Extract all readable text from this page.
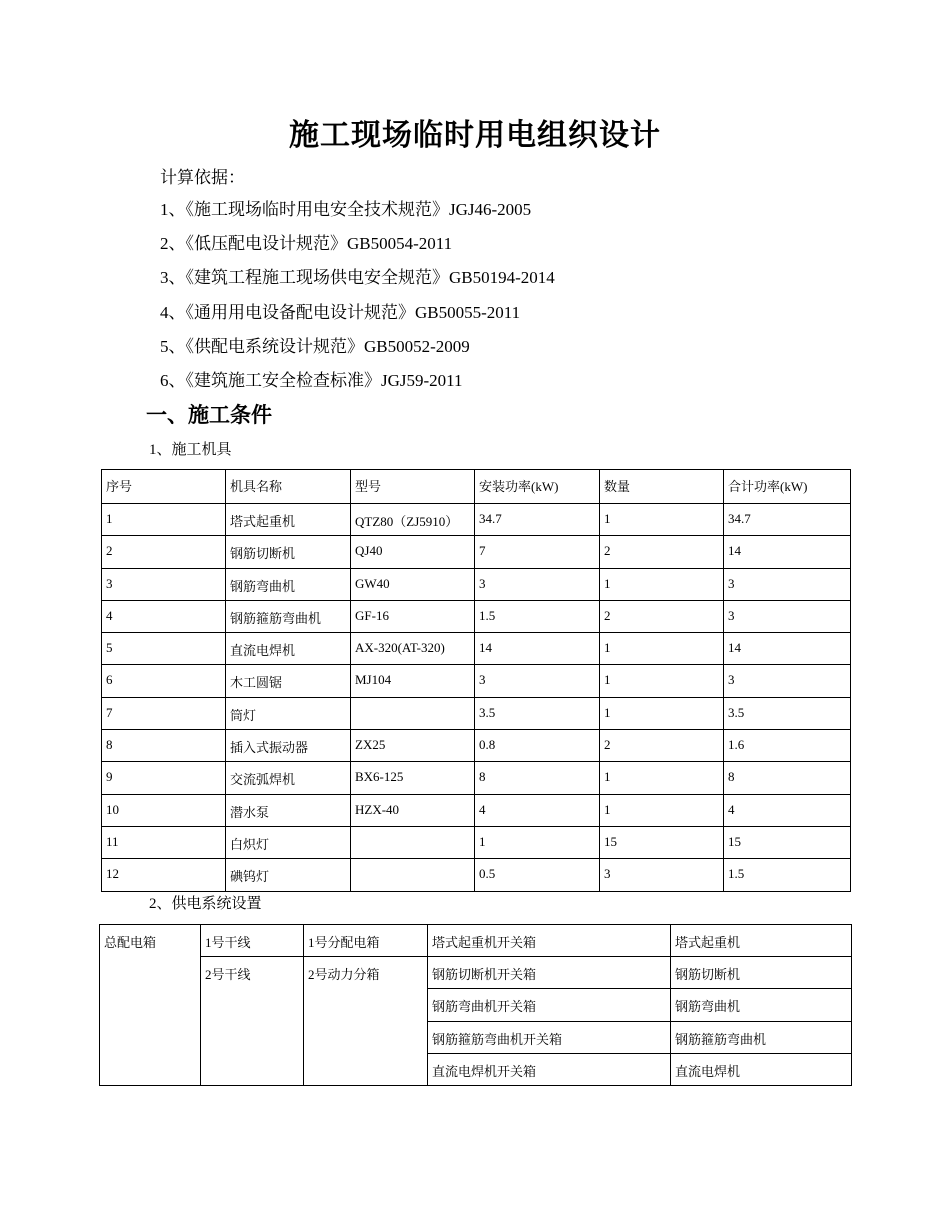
施工现场临时用电组织设计
计算依据：
1、《施工现场临时用电安全技术规范》JGJ46-2005
2、《低压配电设计规范》GB50054-2011
3、《建筑工程施工现场供电安全规范》GB50194-2014
4、《通用用电设备配电设计规范》GB50055-2011
5、《供配电系统设计规范》GB50052-2009
6、《建筑施工安全检查标准》JGJ59-2011
一、施工条件
1、施工机具
序号	机具名称	型号	安装功率(kW)	数量	合计功率(kW)
1	塔式起重机	QTZ80（ZJ5910）	34.7	1	34.7
2	钢筋切断机	QJ40	7	2	14
3	钢筋弯曲机	GW40	3	1	3
4	钢筋箍筋弯曲机	GF-16	1.5	2	3
5	直流电焊机	AX-320(AT-320)	14	1	14
6	木工圆锯	MJ104	3	1	3
7	筒灯		3.5	1	3.5
8	插入式振动器	ZX25	0.8	2	1.6
9	交流弧焊机	BX6-125	8	1	8
10	潜水泵	HZX-40	4	1	4
11	白炽灯		1	15	15
12	碘钨灯		0.5	3	1.5
2、供电系统设置
总配电箱	1号干线	1号分配电箱	塔式起重机开关箱	塔式起重机
	2号干线	2号动力分箱	钢筋切断机开关箱	钢筋切断机
			钢筋弯曲机开关箱	钢筋弯曲机
			钢筋箍筋弯曲机开关箱	钢筋箍筋弯曲机
			直流电焊机开关箱	直流电焊机
